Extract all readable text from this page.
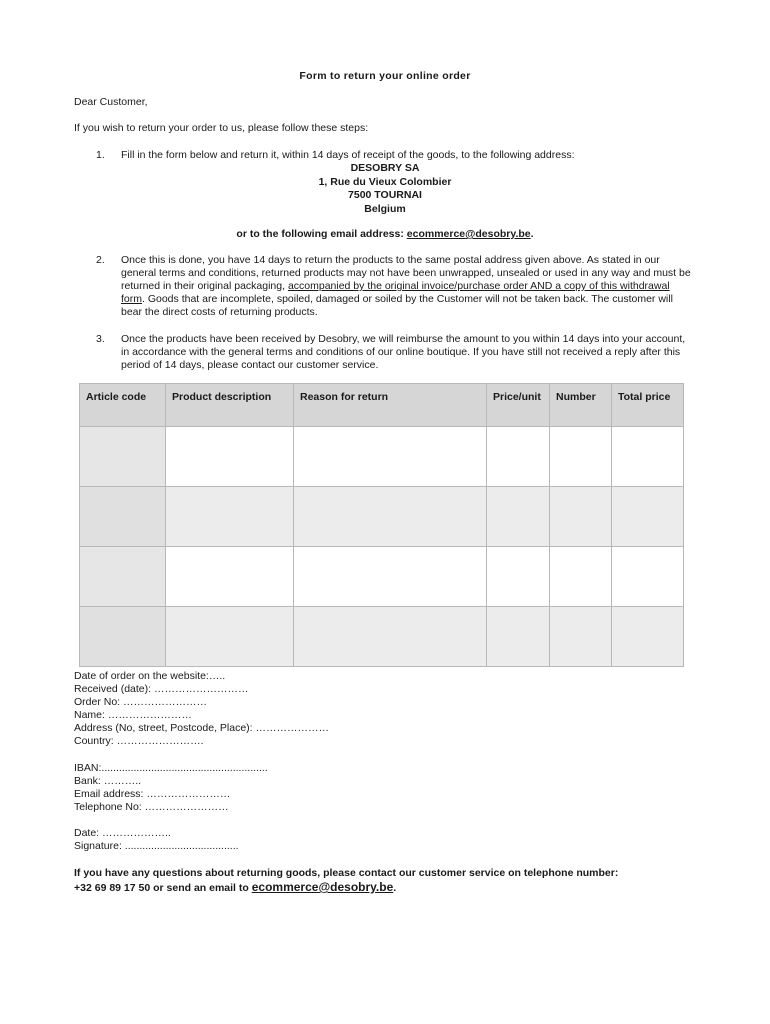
Form to return your online order
Dear Customer,
If you wish to return your order to us, please follow these steps:
1. Fill in the form below and return it, within 14 days of receipt of the goods, to the following address:
DESOBRY SA
1, Rue du Vieux Colombier
7500 TOURNAI
Belgium
or to the following email address: ecommerce@desobry.be.
2. Once this is done, you have 14 days to return the products to the same postal address given above. As stated in our general terms and conditions, returned products may not have been unwrapped, unsealed or used in any way and must be returned in their original packaging, accompanied by the original invoice/purchase order AND a copy of this withdrawal form. Goods that are incomplete, spoiled, damaged or soiled by the Customer will not be taken back. The customer will bear the direct costs of returning products.
3. Once the products have been received by Desobry, we will reimburse the amount to you within 14 days into your account, in accordance with the general terms and conditions of our online boutique. If you have still not received a reply after this period of 14 days, please contact our customer service.
Article code	Product description	Reason for return	Price/unit	Number	Total price

Date of order on the website:…..
Received (date): ………………………
Order No: ……………………
Name: ……………………
Address (No, street, Postcode, Place): …………………
Country: …………………….
IBAN:.........................................................
Bank: ………..
Email address: ……………………
Telephone No: ……………………
Date: ………………..
Signature: .......................................
If you have any questions about returning goods, please contact our customer service on telephone number:
+32 69 89 17 50 or send an email to ecommerce@desobry.be.
